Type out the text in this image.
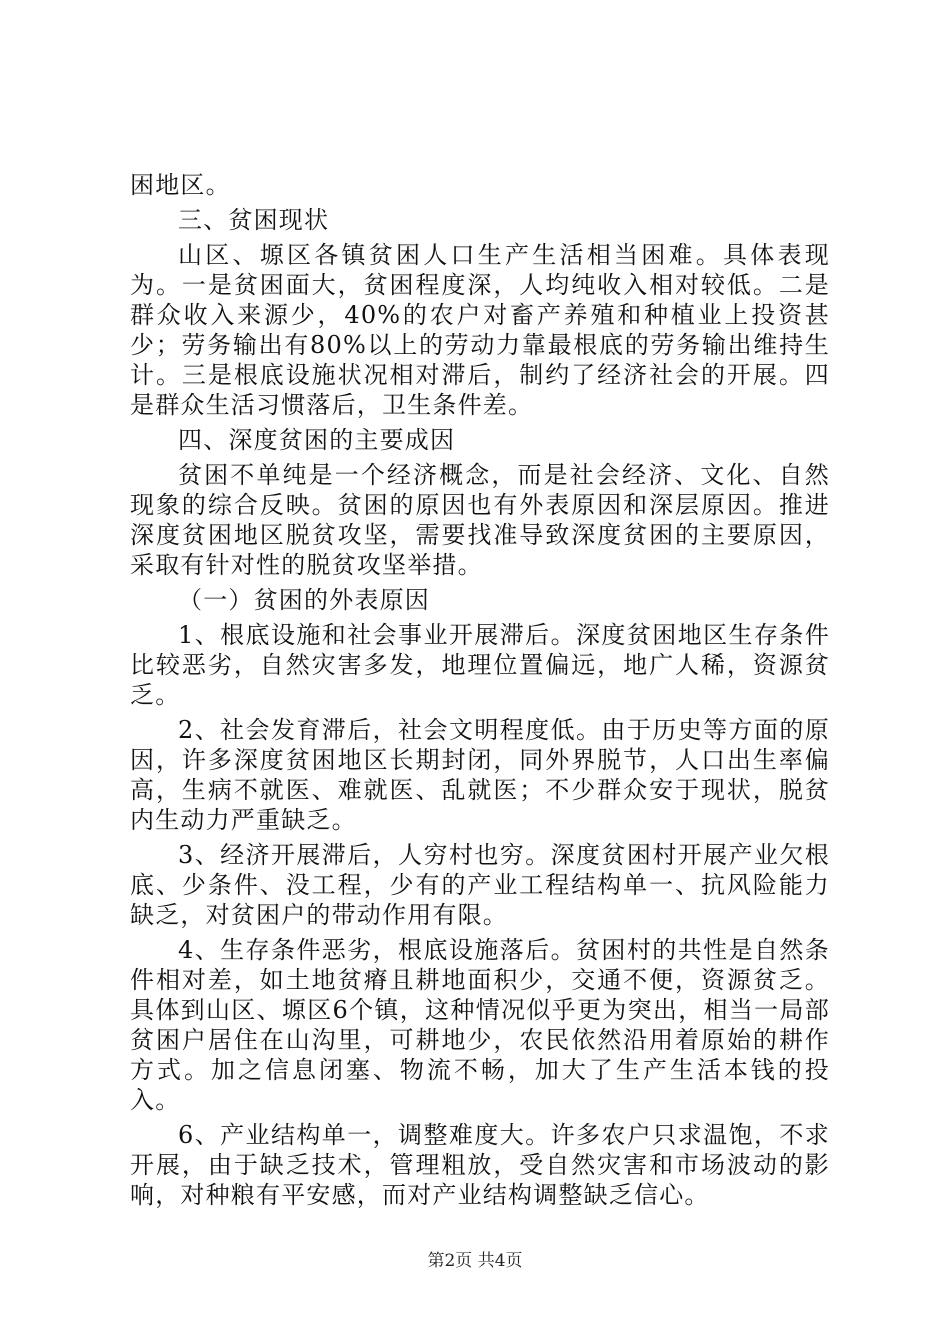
困地区。

三、贫困现状

山区、塬区各镇贫困人口生产生活相当困难。具体表现为。一是贫困面大，贫困程度深，人均纯收入相对较低。二是群众收入来源少，40%的农户对畜产养殖和种植业上投资甚少；劳务输出有80%以上的劳动力靠最根底的劳务输出维持生计。三是根底设施状况相对滞后，制约了经济社会的开展。四是群众生活习惯落后，卫生条件差。

四、深度贫困的主要成因

贫困不单纯是一个经济概念，而是社会经济、文化、自然现象的综合反映。贫困的原因也有外表原因和深层原因。推进深度贫困地区脱贫攻坚，需要找准导致深度贫困的主要原因，采取有针对性的脱贫攻坚举措。

（一）贫困的外表原因

1、根底设施和社会事业开展滞后。深度贫困地区生存条件比较恶劣，自然灾害多发，地理位置偏远，地广人稀，资源贫乏。

2、社会发育滞后，社会文明程度低。由于历史等方面的原因，许多深度贫困地区长期封闭，同外界脱节，人口出生率偏高，生病不就医、难就医、乱就医；不少群众安于现状，脱贫内生动力严重缺乏。

3、经济开展滞后，人穷村也穷。深度贫困村开展产业欠根底、少条件、没工程，少有的产业工程结构单一、抗风险能力缺乏，对贫困户的带动作用有限。

4、生存条件恶劣，根底设施落后。贫困村的共性是自然条件相对差，如土地贫瘠且耕地面积少，交通不便，资源贫乏。具体到山区、塬区6个镇，这种情况似乎更为突出，相当一局部贫困户居住在山沟里，可耕地少，农民依然沿用着原始的耕作方式。加之信息闭塞、物流不畅，加大了生产生活本钱的投入。

6、产业结构单一，调整难度大。许多农户只求温饱，不求开展，由于缺乏技术，管理粗放，受自然灾害和市场波动的影响，对种粮有平安感，而对产业结构调整缺乏信心。

第2页 共4页
